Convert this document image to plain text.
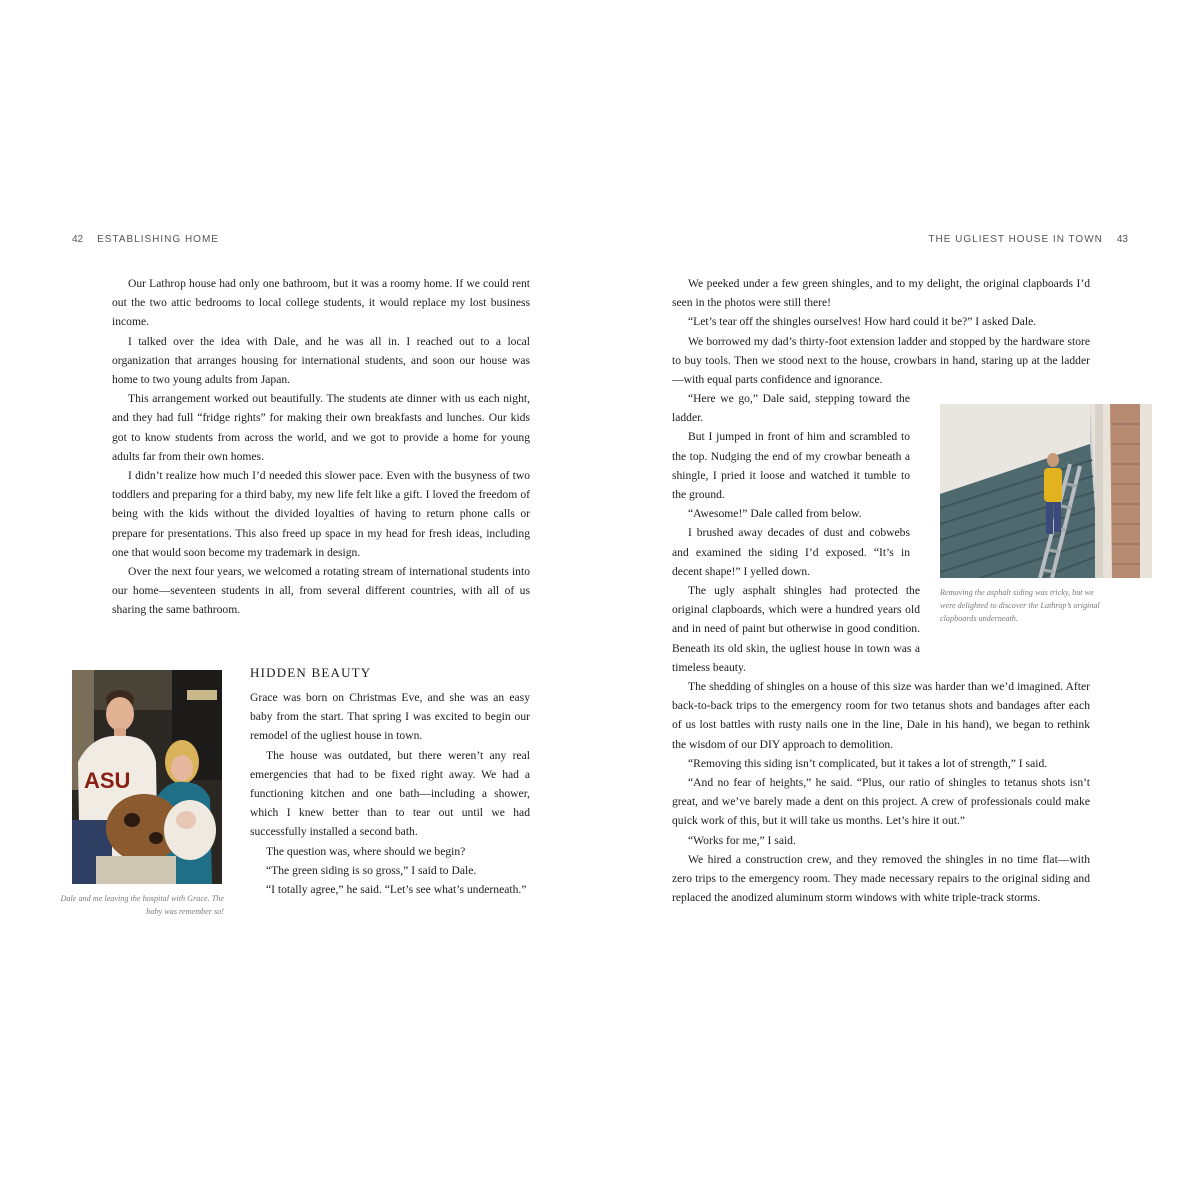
42 ESTABLISHING HOME

Our Lathrop house had only one bathroom, but it was a roomy home. If we could rent out the two attic bedrooms to local college students, it would replace my lost business income.

I talked over the idea with Dale, and he was all in. I reached out to a local organization that arranges housing for international students, and soon our house was home to two young adults from Japan.

This arrangement worked out beautifully. The students ate dinner with us each night, and they had full “fridge rights” for making their own breakfasts and lunches. Our kids got to know students from across the world, and we got to provide a home for young adults far from their own homes.

I didn’t realize how much I’d needed this slower pace. Even with the busyness of two toddlers and preparing for a third baby, my new life felt like a gift. I loved the freedom of being with the kids without the divided loyalties of having to return phone calls or prepare for presentations. This also freed up space in my head for fresh ideas, including one that would soon become my trademark in design.

Over the next four years, we welcomed a rotating stream of international students into our home—seventeen students in all, from several different countries, with all of us sharing the same bathroom.

ASU
Dale and me leaving the hospital with Grace. The baby was remember so!
HIDDEN BEAUTY

Grace was born on Christmas Eve, and she was an easy baby from the start. That spring I was excited to begin our remodel of the ugliest house in town.

The house was outdated, but there weren’t any real emergencies that had to be fixed right away. We had a functioning kitchen and one bath—including a shower, which I knew better than to tear out until we had successfully installed a second bath.

The question was, where should we begin?

“The green siding is so gross,” I said to Dale.

“I totally agree,” he said. “Let’s see what’s underneath.”

THE UGLIEST HOUSE IN TOWN 43

We peeked under a few green shingles, and to my delight, the original clapboards I’d seen in the photos were still there!

“Let’s tear off the shingles ourselves! How hard could it be?” I asked Dale.

We borrowed my dad’s thirty-foot extension ladder and stopped by the hardware store to buy tools. Then we stood next to the house, crowbars in hand, staring up at the ladder—with equal parts confidence and ignorance.

“Here we go,” Dale said, stepping toward the ladder.

But I jumped in front of him and scrambled to the top. Nudging the end of my crowbar beneath a shingle, I pried it loose and watched it tumble to the ground.

“Awesome!” Dale called from below.

I brushed away decades of dust and cobwebs and examined the siding I’d exposed. “It’s in decent shape!” I yelled down.

Removing the asphalt siding was tricky, but we were delighted to discover the Lathrop’s original clapboards underneath.

The ugly asphalt shingles had protected the original clapboards, which were a hundred years old and in need of paint but otherwise in good condition. Beneath its old skin, the ugliest house in town was a timeless beauty.

The shedding of shingles on a house of this size was harder than we’d imagined. After back-to-back trips to the emergency room for two tetanus shots and bandages after each of us lost battles with rusty nails one in the line, Dale in his hand), we began to rethink the wisdom of our DIY approach to demolition.

“Removing this siding isn’t complicated, but it takes a lot of strength,” I said.

“And no fear of heights,” he said. “Plus, our ratio of shingles to tetanus shots isn’t great, and we’ve barely made a dent on this project. A crew of professionals could make quick work of this, but it will take us months. Let’s hire it out.”

“Works for me,” I said.

We hired a construction crew, and they removed the shingles in no time flat—with zero trips to the emergency room. They made necessary repairs to the original siding and replaced the anodized aluminum storm windows with white triple-track storms.
